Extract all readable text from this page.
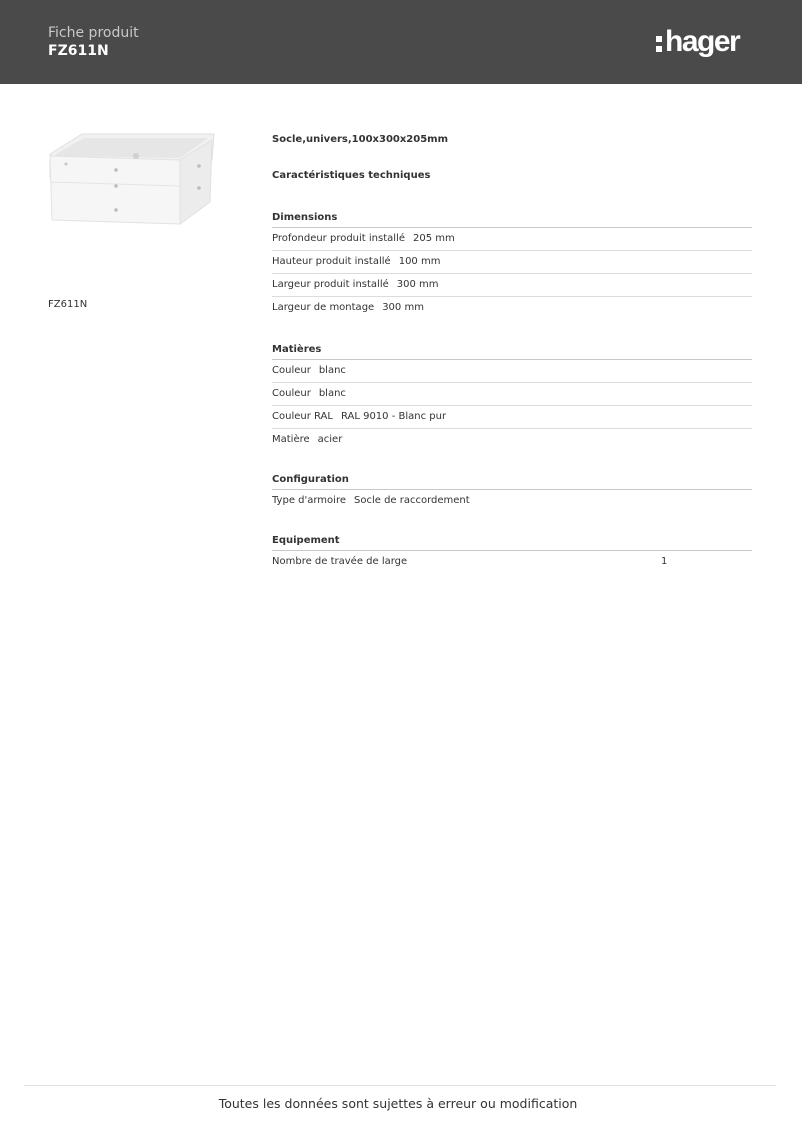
Fiche produit
FZ611N	hager
FZ611N
Socle,univers,100x300x205mm
Caractéristiques techniques
Dimensions
Profondeur produit installé 205 mm
Hauteur produit installé 100 mm
Largeur produit installé 300 mm
Largeur de montage 300 mm
Matières
Couleur blanc
Couleur blanc
Couleur RAL RAL 9010 - Blanc pur
Matière acier
Configuration
Type d'armoire Socle de raccordement
Equipement
Nombre de travée de large	1
Toutes les données sont sujettes à erreur ou modification
